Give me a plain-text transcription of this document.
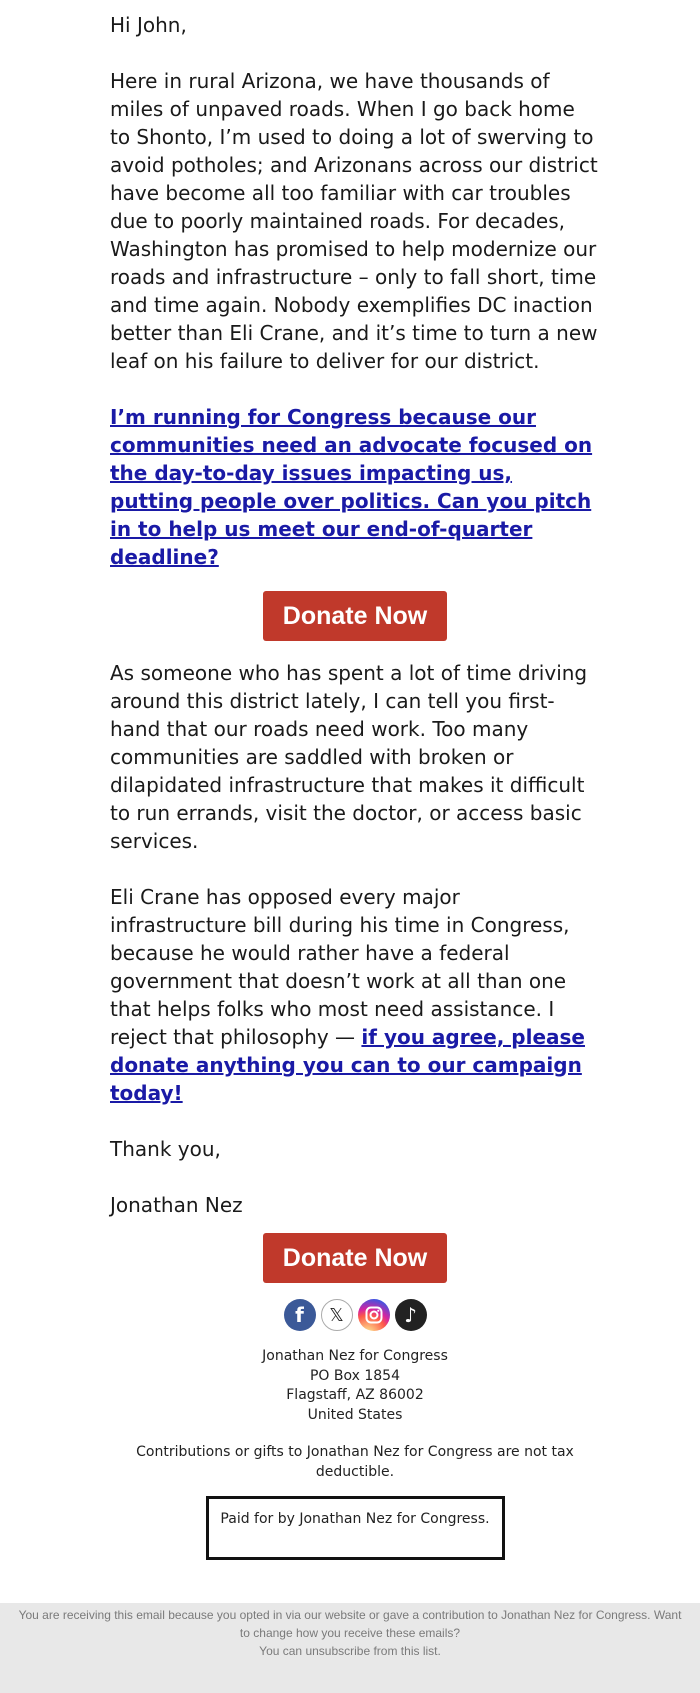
Hi John,

Here in rural Arizona, we have thousands of miles of unpaved roads. When I go back home to Shonto, I’m used to doing a lot of swerving to avoid potholes; and Arizonans across our district have become all too familiar with car troubles due to poorly maintained roads. For decades, Washington has promised to help modernize our roads and infrastructure – only to fall short, time and time again. Nobody exemplifies DC inaction better than Eli Crane, and it’s time to turn a new leaf on his failure to deliver for our district.

I’m running for Congress because our communities need an advocate focused on the day-to-day issues impacting us, putting people over politics. Can you pitch in to help us meet our end-of-quarter deadline?

Donate Now

As someone who has spent a lot of time driving around this district lately, I can tell you first-hand that our roads need work. Too many communities are saddled with broken or dilapidated infrastructure that makes it difficult to run errands, visit the doctor, or access basic services.

Eli Crane has opposed every major infrastructure bill during his time in Congress, because he would rather have a federal government that doesn’t work at all than one that helps folks who most need assistance. I reject that philosophy — if you agree, please donate anything you can to our campaign today!

Thank you,

Jonathan Nez

Donate Now
f	𝕏	♪
Jonathan Nez for Congress
PO Box 1854
Flagstaff, AZ 86002
United States
Contributions or gifts to Jonathan Nez for Congress are not tax deductible.
Paid for by Jonathan Nez for Congress.
You are receiving this email because you opted in via our website or gave a contribution to Jonathan Nez for Congress. Want to change how you receive these emails?
You can unsubscribe from this list.
